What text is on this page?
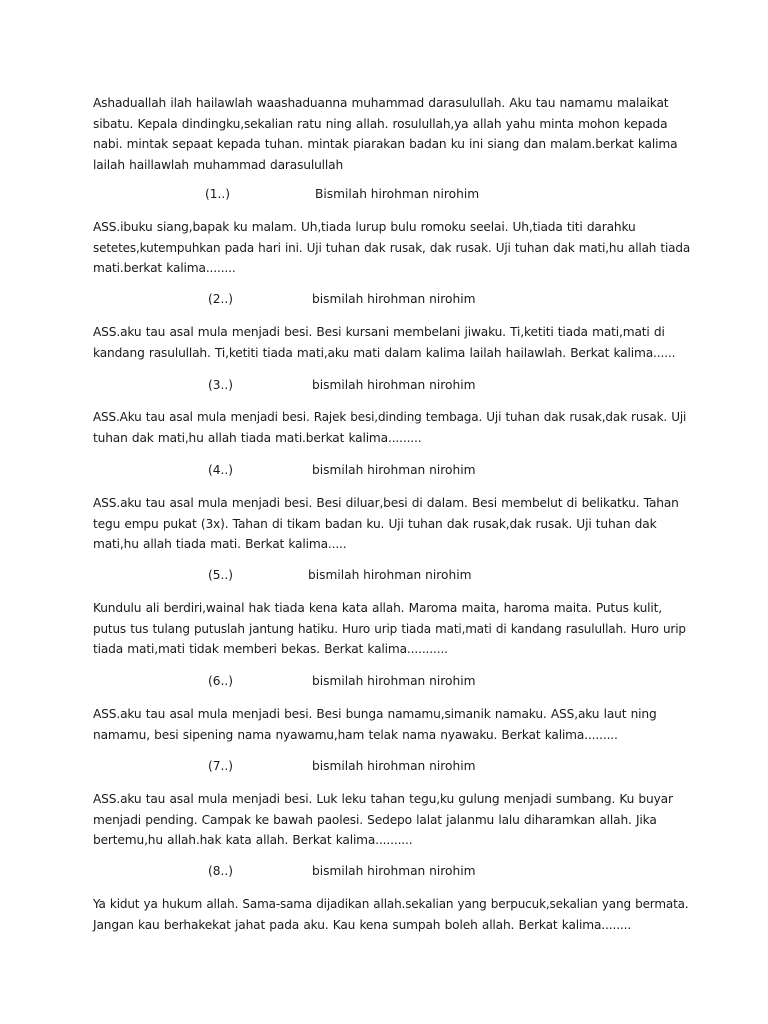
Ashaduallah ilah hailawlah waashaduanna muhammad darasulullah. Aku tau namamu malaikat
sibatu. Kepala dindingku,sekalian ratu ning allah. rosulullah,ya allah yahu minta mohon kepada
nabi. mintak sepaat kepada tuhan. mintak piarakan badan ku ini siang dan malam.berkat kalima
lailah haillawlah muhammad darasulullah
(1..)	Bismilah hirohman nirohim
ASS.ibuku siang,bapak ku malam. Uh,tiada lurup bulu romoku seelai. Uh,tiada titi darahku
setetes,kutempuhkan pada hari ini. Uji tuhan dak rusak, dak rusak. Uji tuhan dak mati,hu allah tiada
mati.berkat kalima........
(2..)	bismilah hirohman nirohim
ASS.aku tau asal mula menjadi besi. Besi kursani membelani jiwaku. Ti,ketiti tiada mati,mati di
kandang rasulullah. Ti,ketiti tiada mati,aku mati dalam kalima lailah hailawlah. Berkat kalima......
(3..)	bismilah hirohman nirohim
ASS.Aku tau asal mula menjadi besi. Rajek besi,dinding tembaga. Uji tuhan dak rusak,dak rusak. Uji
tuhan dak mati,hu allah tiada mati.berkat kalima.........
(4..)	bismilah hirohman nirohim
ASS.aku tau asal mula menjadi besi. Besi diluar,besi di dalam. Besi membelut di belikatku. Tahan
tegu empu pukat (3x). Tahan di tikam badan ku. Uji tuhan dak rusak,dak rusak. Uji tuhan dak
mati,hu allah tiada mati. Berkat kalima.....
(5..)	bismilah hirohman nirohim
Kundulu ali berdiri,wainal hak tiada kena kata allah. Maroma maita, haroma maita. Putus kulit,
putus tus tulang putuslah jantung hatiku. Huro urip tiada mati,mati di kandang rasulullah. Huro urip
tiada mati,mati tidak memberi bekas. Berkat kalima...........
(6..)	bismilah hirohman nirohim
ASS.aku tau asal mula menjadi besi. Besi bunga namamu,simanik namaku. ASS,aku laut ning
namamu, besi sipening nama nyawamu,ham telak nama nyawaku. Berkat kalima.........
(7..)	bismilah hirohman nirohim
ASS.aku tau asal mula menjadi besi. Luk leku tahan tegu,ku gulung menjadi sumbang. Ku buyar
menjadi pending. Campak ke bawah paolesi. Sedepo lalat jalanmu lalu diharamkan allah. Jika
bertemu,hu allah.hak kata allah. Berkat kalima..........
(8..)	bismilah hirohman nirohim
Ya kidut ya hukum allah. Sama-sama dijadikan allah.sekalian yang berpucuk,sekalian yang bermata.
Jangan kau berhakekat jahat pada aku. Kau kena sumpah boleh allah. Berkat kalima........
